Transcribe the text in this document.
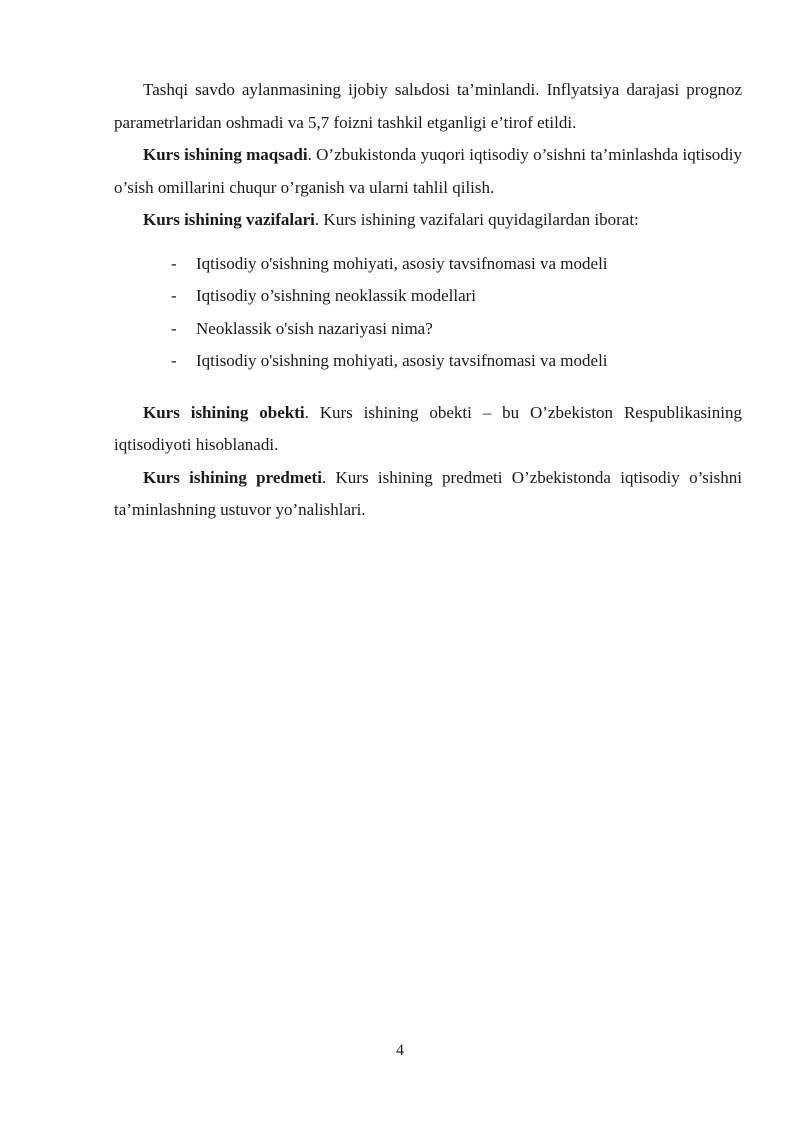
Tashqi savdo aylanmasining ijobiy salьdosi ta’minlandi. Inflyatsiya darajasi prognoz parametrlaridan oshmadi va 5,7 foizni tashkil etganligi e’tirof etildi.

Kurs ishining maqsadi. O’zbukistonda yuqori iqtisodiy o’sishni ta’minlashda iqtisodiy o’sish omillarini chuqur o’rganish va ularni tahlil qilish.

Kurs ishining vazifalari. Kurs ishining vazifalari quyidagilardan iborat:

- Iqtisodiy o'sishning mohiyati, asosiy tavsifnomasi va modeli
- Iqtisodiy o’sishning neoklassik modellari
- Neoklassik o'sish nazariyasi nima?
- Iqtisodiy o'sishning mohiyati, asosiy tavsifnomasi va modeli

Kurs ishining obekti. Kurs ishining obekti – bu O’zbekiston Respublikasining iqtisodiyoti hisoblanadi.

Kurs ishining predmeti. Kurs ishining predmeti O’zbekistonda iqtisodiy o’sishni ta’minlashning ustuvor yo’nalishlari.

4
